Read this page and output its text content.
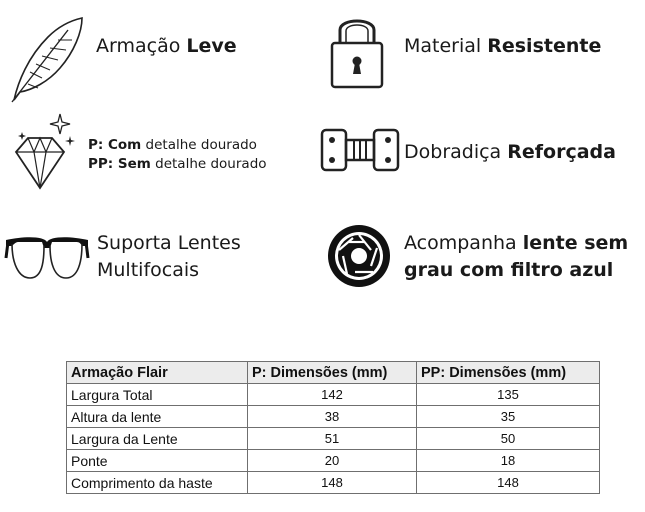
Armação Leve	Material Resistente
P: Com detalhe dourado
PP: Sem detalhe dourado
Dobradiça Reforçada
Suporta Lentes
Multifocais
Acompanha lente sem
grau com filtro azul
Armação Flair	P: Dimensões (mm)	PP: Dimensões (mm)
Largura Total	142	135
Altura da lente	38	35
Largura da Lente	51	50
Ponte	20	18
Comprimento da haste	148	148
